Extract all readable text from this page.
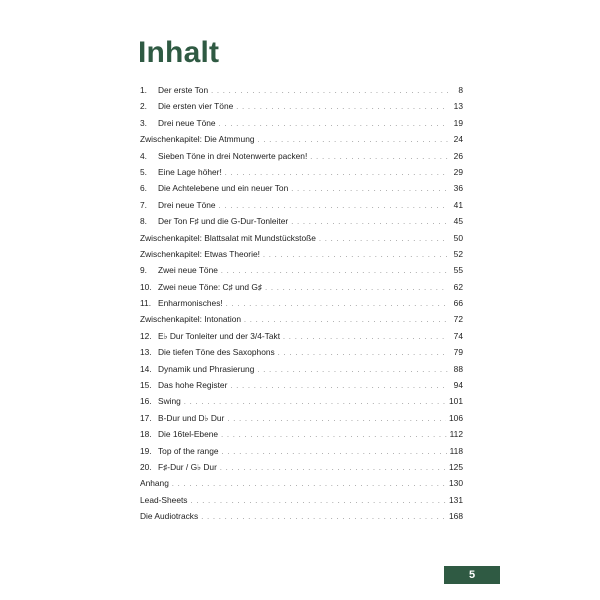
Inhalt
1.	Der erste Ton . . .	8
2.	Die ersten vier Töne . . .	13
3.	Drei neue Töne . . .	19
Zwischenkapitel: Die Atmmung . . .	24
4.	Sieben Töne in drei Notenwerte packen! . . .	26
5.	Eine Lage höher! . . .	29
6.	Die Achtelebene und ein neuer Ton . . .	36
7.	Drei neue Töne . . .	41
8.	Der Ton F♯ und die G-Dur-Tonleiter . . .	45
Zwischenkapitel: Blattsalat mit Mundstückstoße . . .	50
Zwischenkapitel: Etwas Theorie! . . .	52
9.	Zwei neue Töne . . .	55
10. Zwei neue Töne: C♯ und G♯ . . .	62
11. Enharmonisches! . . .	66
Zwischenkapitel: Intonation . . .	72
12. E♭ Dur Tonleiter und der 3/4-Takt . . .	74
13. Die tiefen Töne des Saxophons . . .	79
14. Dynamik und Phrasierung . . .	88
15. Das hohe Register . . .	94
16. Swing . . .	101
17. B-Dur und D♭ Dur . . .	106
18. Die 16tel-Ebene . . .	112
19. Top of the range . . .	118
20. F♯-Dur / G♭ Dur . . .	125
Anhang . . .	130
Lead-Sheets . . .	131
Die Audiotracks . . .	168
5
